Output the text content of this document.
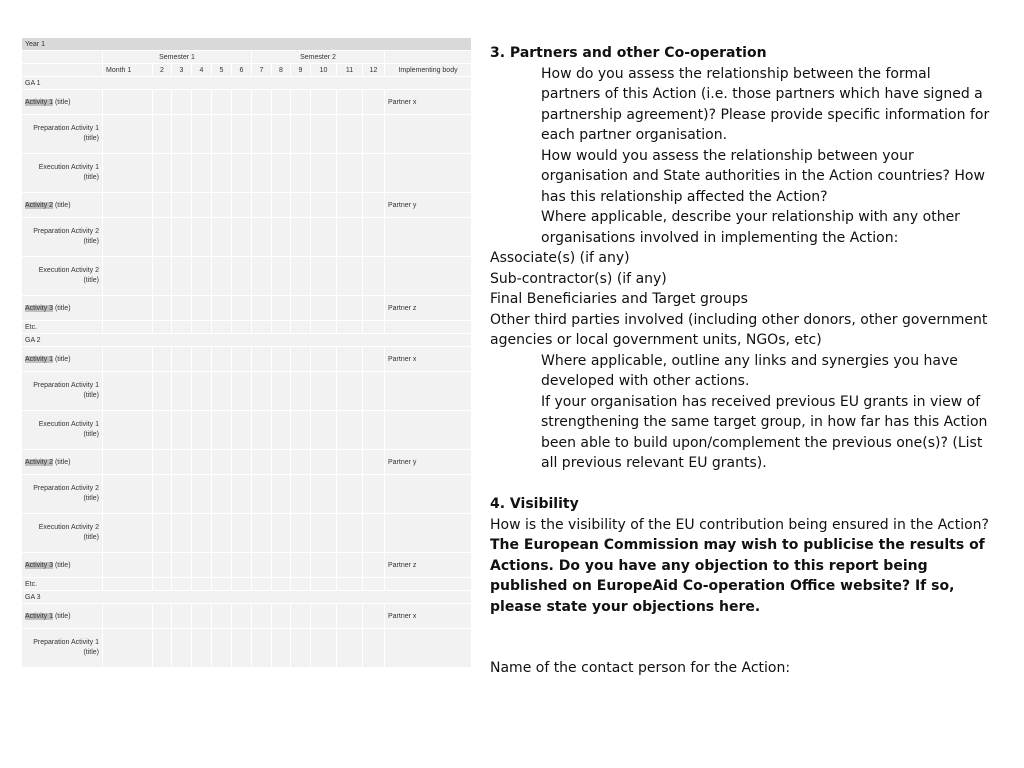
Year 1													
	Semester 1						Semester 2						
	Month 1	2	3	4	5	6	7	8	9	10	11	12	Implementing body
GA 1													
Activity 1 (title)													Partner x
Preparation Activity 1 (title)													
Execution Activity 1 (title)													
Activity 2 (title)													Partner y
Preparation Activity 2 (title)													
Execution Activity 2 (title)													
Activity 3 (title)													Partner z
Etc.													
GA 2													
Activity 1 (title)													Partner x
Preparation Activity 1 (title)													
Execution Activity 1 (title)													
Activity 2 (title)													Partner y
Preparation Activity 2 (title)													
Execution Activity 2 (title)													
Activity 3 (title)													Partner z
Etc.													
GA 3													
Activity 1 (title)													Partner x
Preparation Activity 1 (title)													

3. Partners and other Co-operation

How do you assess the relationship between the formal partners of this Action (i.e. those partners which have signed a partnership agreement)? Please provide specific information for each partner organisation.

How would you assess the relationship between your organisation and State authorities in the Action countries? How has this relationship affected the Action?

Where applicable, describe your relationship with any other organisations involved in implementing the Action:

Associate(s) (if any)

Sub-contractor(s) (if any)

Final Beneficiaries and Target groups

Other third parties involved (including other donors, other government agencies or local government units, NGOs, etc)

Where applicable, outline any links and synergies you have developed with other actions.

If your organisation has received previous EU grants in view of strengthening the same target group, in how far has this Action been able to build upon/complement the previous one(s)? (List all previous relevant EU grants).

4. Visibility

How is the visibility of the EU contribution being ensured in the Action?

The European Commission may wish to publicise the results of Actions. Do you have any objection to this report being published on EuropeAid Co-operation Office website? If so, please state your objections here.

Name of the contact person for the Action:
